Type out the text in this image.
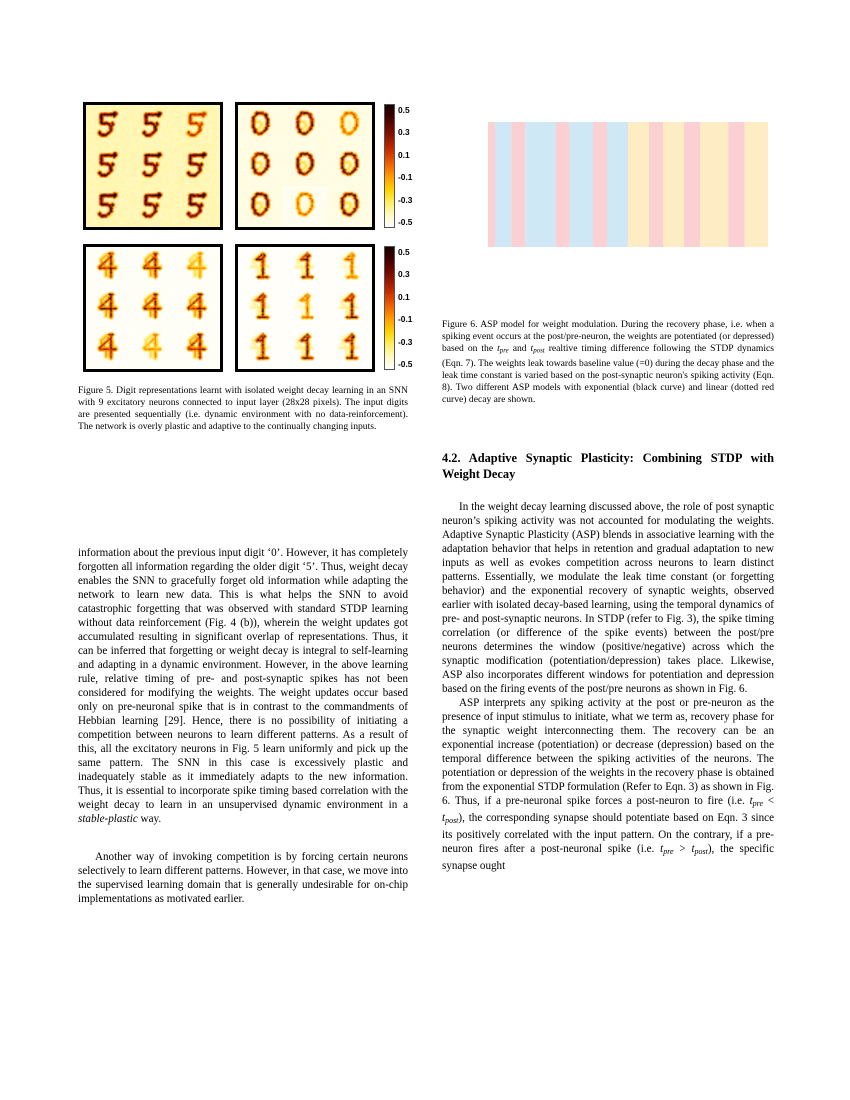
0.5
0.3
0.1
-0.1
-0.3
-0.5
0.5
0.3
0.1
-0.1
-0.3
-0.5

Figure 5. Digit representations learnt with isolated weight decay learning in an SNN with 9 excitatory neurons connected to input layer (28x28 pixels). The input digits are presented sequentially (i.e. dynamic environment with no data-reinforcement). The network is overly plastic and adaptive to the continually changing inputs.

Figure 6. ASP model for weight modulation. During the recovery phase, i.e. when a spiking event occurs at the post/pre-neuron, the weights are potentiated (or depressed) based on the $t_{pre}$ and $t_{post}$ realtive timing difference following the STDP dynamics (Eqn. 7). The weights leak towards baseline value (=0) during the decay phase and the leak time constant is varied based on the post-synaptic neuron's spiking activity (Eqn. 8). Two different ASP models with exponential (black curve) and linear (dotted red curve) decay are shown.

4.2. Adaptive Synaptic Plasticity: Combining STDP with Weight Decay

In the weight decay learning discussed above, the role of post synaptic neuron’s spiking activity was not accounted for modulating the weights. Adaptive Synaptic Plasticity (ASP) blends in associative learning with the adaptation behavior that helps in retention and gradual adaptation to new inputs as well as evokes competition across neurons to learn distinct patterns. Essentially, we modulate the leak time constant (or forgetting behavior) and the exponential recovery of synaptic weights, observed earlier with isolated decay-based learning, using the temporal dynamics of pre- and post-synaptic neurons. In STDP (refer to Fig. 3), the spike timing correlation (or difference of the spike events) between the post/pre neurons determines the window (positive/negative) across which the synaptic modification (potentiation/depression) takes place. Likewise, ASP also incorporates different windows for potentiation and depression based on the firing events of the post/pre neurons as shown in Fig. 6.

ASP interprets any spiking activity at the post or pre-neuron as the presence of input stimulus to initiate, what we term as, recovery phase for the synaptic weight interconnecting them. The recovery can be an exponential increase (potentiation) or decrease (depression) based on the temporal difference between the spiking activities of the neurons. The potentiation or depression of the weights in the recovery phase is obtained from the exponential STDP formulation (Refer to Eqn. 3) as shown in Fig. 6. Thus, if a pre-neuronal spike forces a post-neuron to fire (i.e. $t_{pre} < t_{post}$), the corresponding synapse should potentiate based on Eqn. 3 since its positively correlated with the input pattern. On the contrary, if a pre-neuron fires after a post-neuronal spike (i.e. $t_{pre} > t_{post}$), the specific synapse ought

information about the previous input digit ‘0’. However, it has completely forgotten all information regarding the older digit ‘5’. Thus, weight decay enables the SNN to gracefully forget old information while adapting the network to learn new data. This is what helps the SNN to avoid catastrophic forgetting that was observed with standard STDP learning without data reinforcement (Fig. 4 (b)), wherein the weight updates got accumulated resulting in significant overlap of representations. Thus, it can be inferred that forgetting or weight decay is integral to self-learning and adapting in a dynamic environment. However, in the above learning rule, relative timing of pre- and post-synaptic spikes has not been considered for modifying the weights. The weight updates occur based only on pre-neuronal spike that is in contrast to the commandments of Hebbian learning [29]. Hence, there is no possibility of initiating a competition between neurons to learn different patterns. As a result of this, all the excitatory neurons in Fig. 5 learn uniformly and pick up the same pattern. The SNN in this case is excessively plastic and inadequately stable as it immediately adapts to the new information. Thus, it is essential to incorporate spike timing based correlation with the weight decay to learn in an unsupervised dynamic environment in a stable-plastic way.

Another way of invoking competition is by forcing certain neurons selectively to learn different patterns. However, in that case, we move into the supervised learning domain that is generally undesirable for on-chip implementations as motivated earlier.
